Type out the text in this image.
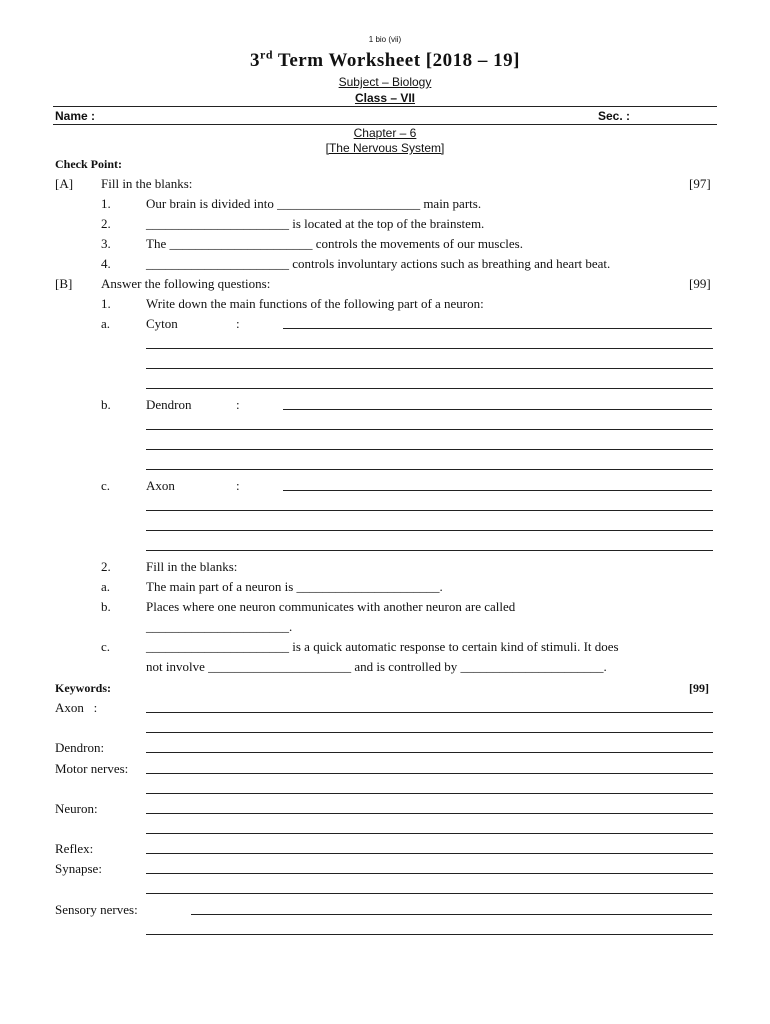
1 bio (vii)
3rd Term Worksheet [2018 – 19]
Subject – Biology
Class – VII
Name :	Sec. :
Chapter – 6
[The Nervous System]
Check Point:
[A] Fill in the blanks:	[97]
1.	Our brain is divided into ______________________ main parts.
2.	______________________ is located at the top of the brainstem.
3.	The ______________________ controls the movements of our muscles.
4.	______________________ controls involuntary actions such as breathing and heart beat.
[B] Answer the following questions:	[99]
1.	Write down the main functions of the following part of a neuron:
a.	Cyton	:
b.	Dendron	:
c.	Axon	:
2.	Fill in the blanks:
a.	The main part of a neuron is ______________________.
b.	Places where one neuron communicates with another neuron are called
______________________.
c.	______________________ is a quick automatic response to certain kind of stimuli. It does
not involve ______________________ and is controlled by ______________________.
Keywords:	[99]
Axon   :
Dendron:
Motor nerves:
Neuron:
Reflex:
Synapse:
Sensory nerves:
